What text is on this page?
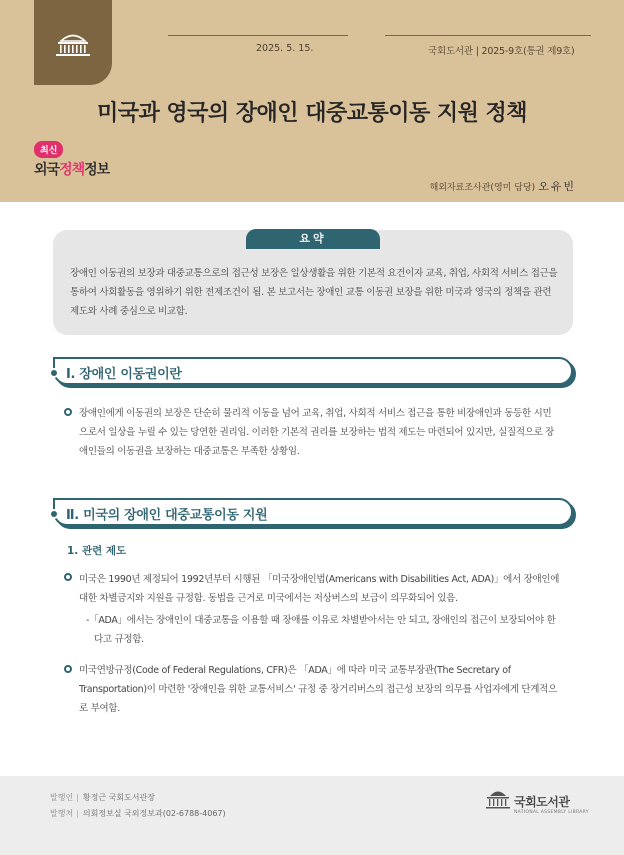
2025. 5. 15.	국회도서관 | 2025-9호(통권 제9호)
미국과 영국의 장애인 대중교통이동 지원 정책
최신
외국정책정보
해외자료조사관(영미 담당) 오유빈
요약
장애인 이동권의 보장과 대중교통으로의 접근성 보장은 일상생활을 위한 기본적 요건이자 교육, 취업, 사회적 서비스 접근을 통하여 사회활동을 영위하기 위한 전제조건이 됨. 본 보고서는 장애인 교통 이동권 보장을 위한 미국과 영국의 정책을 관련 제도와 사례 중심으로 비교함.
Ⅰ. 장애인 이동권이란
장애인에게 이동권의 보장은 단순히 물리적 이동을 넘어 교육, 취업, 사회적 서비스 접근을 통한 비장애인과 동등한 시민으로서 일상을 누릴 수 있는 당연한 권리임. 이러한 기본적 권리를 보장하는 법적 제도는 마련되어 있지만, 실질적으로 장애인들의 이동권을 보장하는 대중교통은 부족한 상황임.
Ⅱ. 미국의 장애인 대중교통이동 지원
1. 관련 제도
미국은 1990년 제정되어 1992년부터 시행된 「미국장애인법(Americans with Disabilities Act, ADA)」에서 장애인에 대한 차별금지와 지원을 규정함. 동법을 근거로 미국에서는 저상버스의 보급이 의무화되어 있음.
-「ADA」에서는 장애인이 대중교통을 이용할 때 장애를 이유로 차별받아서는 안 되고, 장애인의 접근이 보장되어야 한다고 규정함.
미국연방규정(Code of Federal Regulations, CFR)은 「ADA」에 따라 미국 교통부장관(The Secretary of Transportation)이 마련한 '장애인을 위한 교통서비스' 규정 중 장거리버스의 접근성 보장의 의무를 사업자에게 단계적으로 부여함.
발행인 | 황정근 국회도서관장
발행처 | 의회정보실 국외정보과(02-6788-4067)
국회도서관
NATIONAL ASSEMBLY LIBRARY
